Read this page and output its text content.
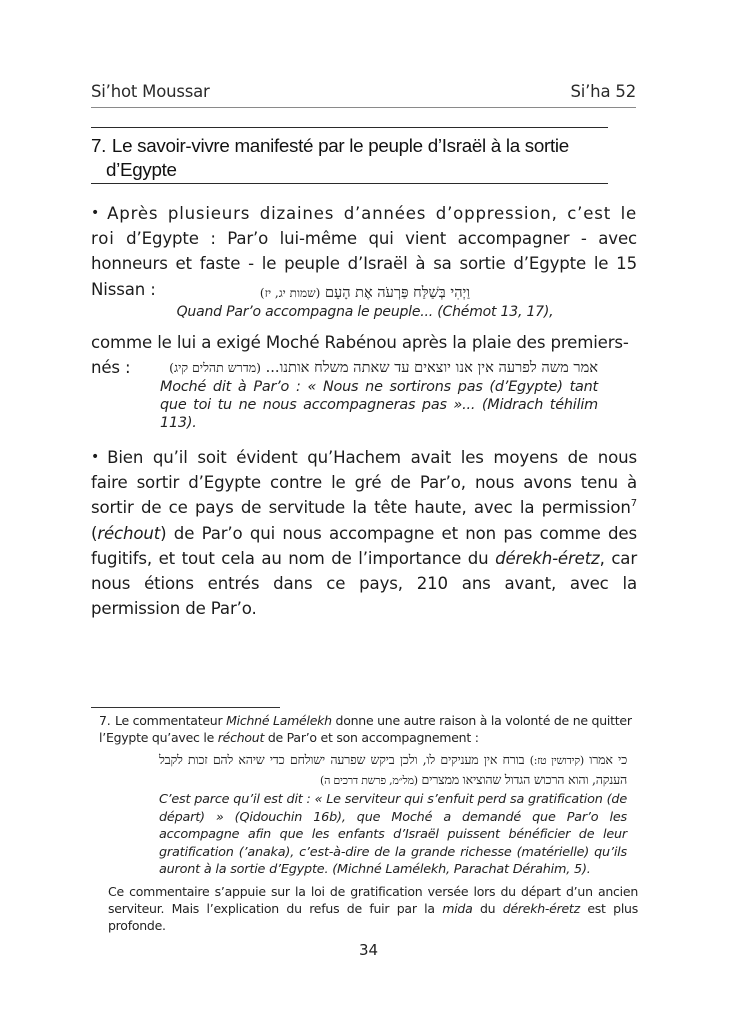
Si’hot Moussar	Si’ha 52
7. Le savoir-vivre manifesté par le peuple d’Israël à la sortie
d’Egypte
• Après plusieurs dizaines d’années d’oppression, c’est le roi d’Egypte : Par’o lui-même qui vient accompagner - avec honneurs et faste - le peuple d’Israël à sa sortie d’Egypte le 15 Nissan :	וַיְהִי בְּשַׁלַּח פַּרְעֹה אֶת הָעָם (שמות יג, יז)
Quand Par’o accompagna le peuple... (Chémot 13, 17),
comme le lui a exigé Moché Rabénou après la plaie des premiers-nés :	אמר משה לפרעה אין אנו יוצאים עד שאתה משלח אותנו... (מדרש תהלים קיג)
Moché dit à Par’o : « Nous ne sortirons pas (d’Egypte) tant que toi tu ne nous accompagneras pas »... (Midrach téhilim 113).
• Bien qu’il soit évident qu’Hachem avait les moyens de nous faire sortir d’Egypte contre le gré de Par’o, nous avons tenu à sortir de ce pays de servitude la tête haute, avec la permission$^7$ (réchout) de Par’o qui nous accompagne et non pas comme des fugitifs, et tout cela au nom de l’importance du dérekh-éretz, car nous étions entrés dans ce pays, 210 ans avant, avec la permission de Par’o.
7. Le commentateur Michné Lamélekh donne une autre raison à la volonté de ne quitter l’Egypte qu’avec le réchout de Par’o et son accompagnement :
כי אמרו (קידושין טז:) בורח אין מעניקים לו, ולכן ביקש שפרעה ישולחם כדי שיהא להם זכות לקבל הענקה, והוא הרכוש הגדול שהוציאו ממצרים (מל״מ, פרשת דרכים ה)
C’est parce qu’il est dit : « Le serviteur qui s’enfuit perd sa gratification (de départ) » (Qidouchin 16b), que Moché a demandé que Par’o les accompagne afin que les enfants d’Israël puissent bénéficier de leur gratification (’anaka), c’est-à-dire de la grande richesse (matérielle) qu’ils auront à la sortie d’Egypte. (Michné Lamélekh, Parachat Dérahim, 5).
Ce commentaire s’appuie sur la loi de gratification versée lors du départ d’un ancien serviteur. Mais l’explication du refus de fuir par la mida du dérekh-éretz est plus profonde.
34
